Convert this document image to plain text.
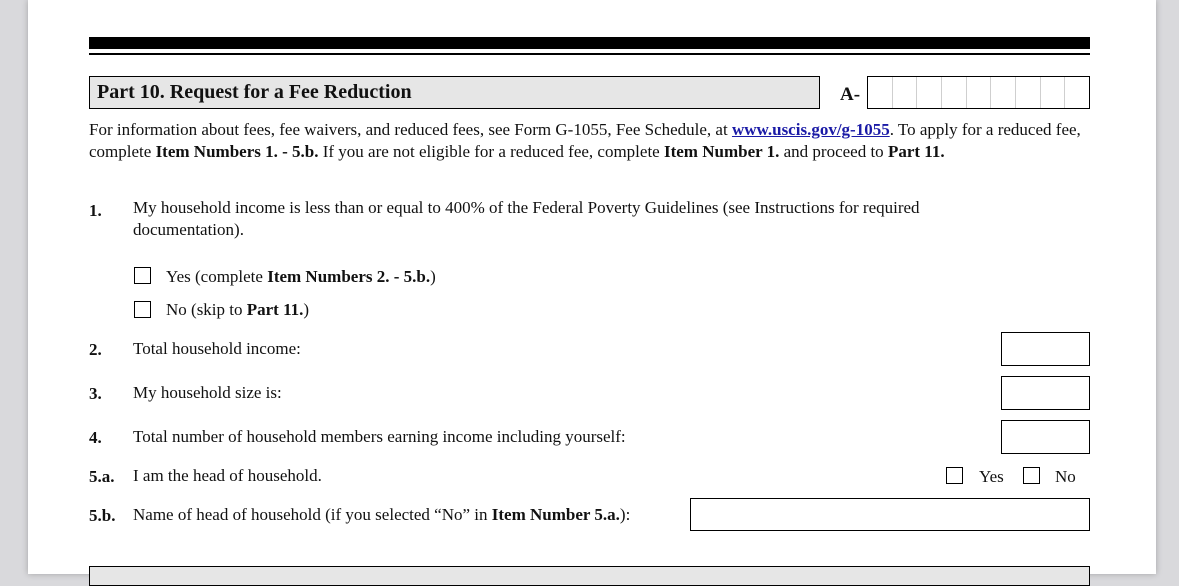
Part 10. Request for a Fee Reduction	A-
For information about fees, fee waivers, and reduced fees, see Form G-1055, Fee Schedule, at www.uscis.gov/g-1055. To apply for a reduced fee, complete Item Numbers 1. - 5.b. If you are not eligible for a reduced fee, complete Item Number 1. and proceed to Part 11.
1. My household income is less than or equal to 400% of the Federal Poverty Guidelines (see Instructions for required documentation).
Yes (complete Item Numbers 2. - 5.b.)
No (skip to Part 11.)
2. Total household income:
3. My household size is:
4. Total number of household members earning income including yourself:
5.a. I am the head of household.	Yes	No
5.b. Name of head of household (if you selected “No” in Item Number 5.a.):
